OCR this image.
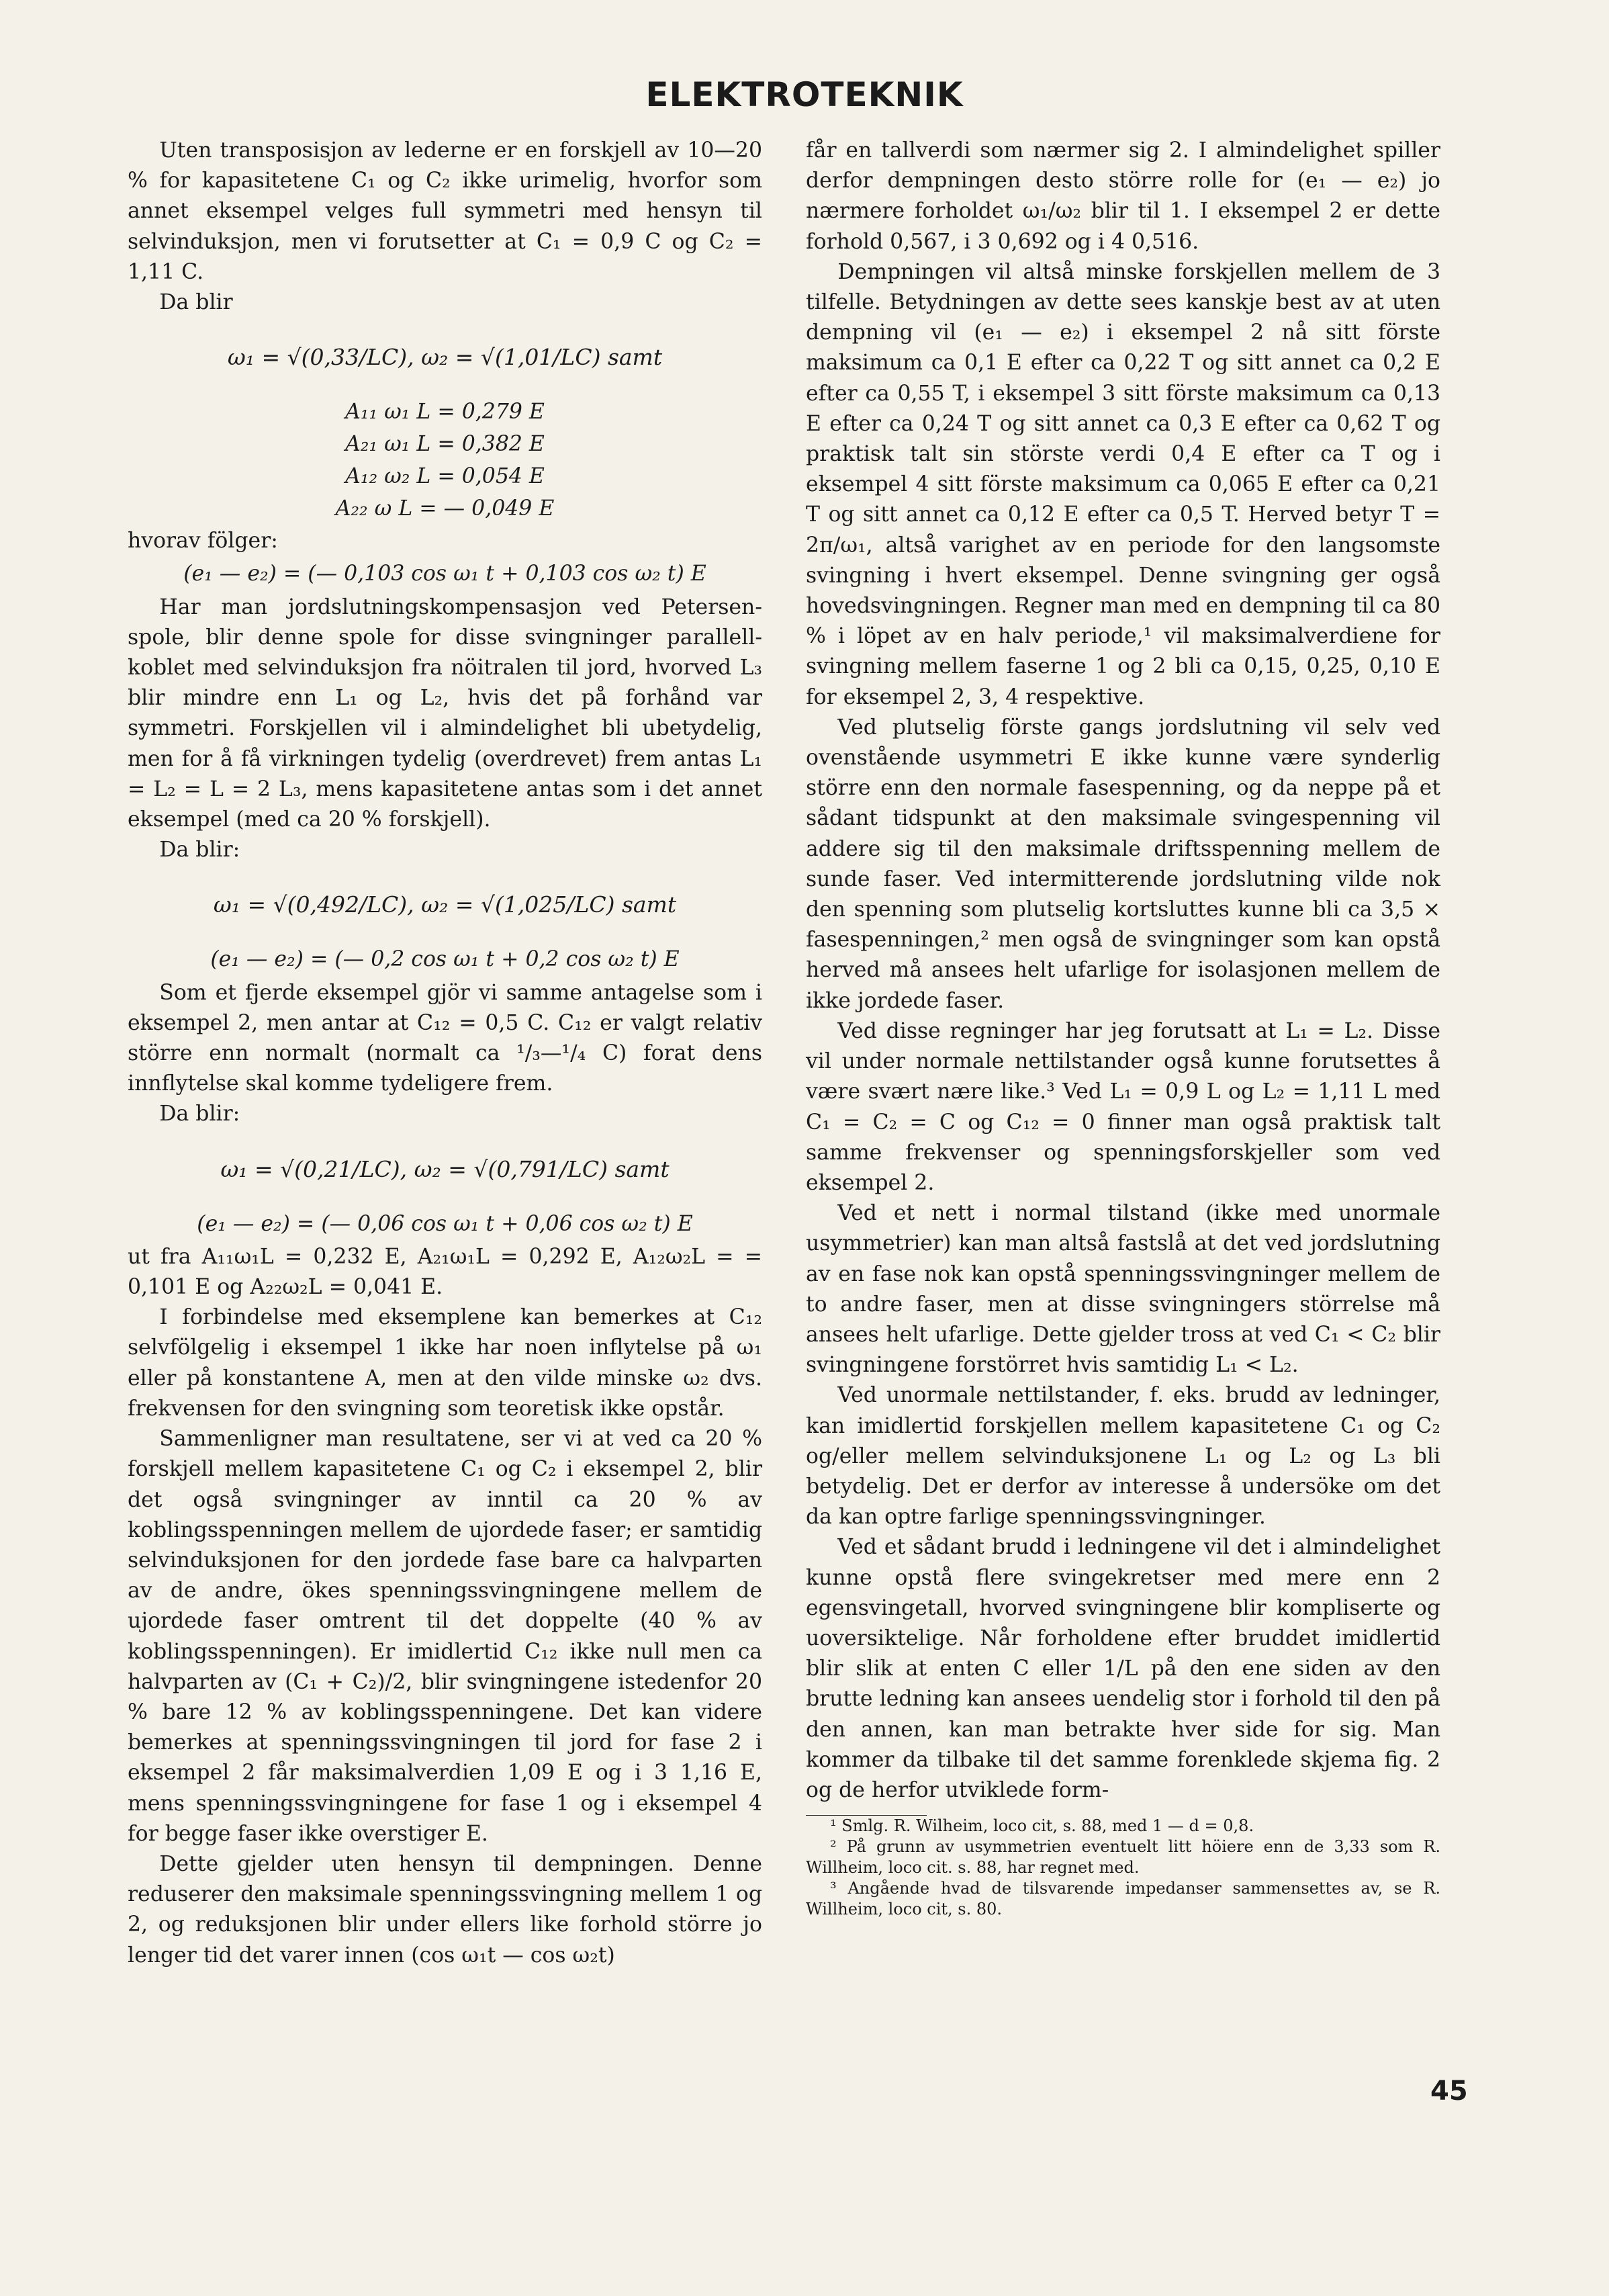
ELEKTROTEKNIK

Uten transposisjon av lederne er en forskjell av 10—20 % for kapasitetene C₁ og C₂ ikke urimelig, hvorfor som annet eksempel velges full symmetri med hensyn til selvinduksjon, men vi forutsetter at C₁ = 0,9 C og C₂ = 1,11 C.

Da blir

ω₁ = √(0,33/LC), ω₂ = √(1,01/LC) samt
A₁₁ ω₁ L = 0,279 E
A₂₁ ω₁ L = 0,382 E
A₁₂ ω₂ L = 0,054 E
A₂₂ ω L = — 0,049 E

hvorav fölger:

(e₁ — e₂) = (— 0,103 cos ω₁ t + 0,103 cos ω₂ t) E

Har man jordslutningskompensasjon ved Petersen-spole, blir denne spole for disse svingninger parallell-koblet med selvinduksjon fra nöitralen til jord, hvorved L₃ blir mindre enn L₁ og L₂, hvis det på forhånd var symmetri. Forskjellen vil i almindelighet bli ubetydelig, men for å få virkningen tydelig (overdrevet) frem antas L₁ = L₂ = L = 2 L₃, mens kapasitetene antas som i det annet eksempel (med ca 20 % forskjell).

Da blir:

ω₁ = √(0,492/LC), ω₂ = √(1,025/LC) samt
(e₁ — e₂) = (— 0,2 cos ω₁ t + 0,2 cos ω₂ t) E

Som et fjerde eksempel gjör vi samme antagelse som i eksempel 2, men antar at C₁₂ = 0,5 C. C₁₂ er valgt relativ större enn normalt (normalt ca ¹/₃—¹/₄ C) forat dens innflytelse skal komme tydeligere frem.

Da blir:

ω₁ = √(0,21/LC), ω₂ = √(0,791/LC) samt
(e₁ — e₂) = (— 0,06 cos ω₁ t + 0,06 cos ω₂ t) E

ut fra A₁₁ω₁L = 0,232 E, A₂₁ω₁L = 0,292 E, A₁₂ω₂L = = 0,101 E og A₂₂ω₂L = 0,041 E.

I forbindelse med eksemplene kan bemerkes at C₁₂ selvfölgelig i eksempel 1 ikke har noen inflytelse på ω₁ eller på konstantene A, men at den vilde minske ω₂ dvs. frekvensen for den svingning som teoretisk ikke opstår.

Sammenligner man resultatene, ser vi at ved ca 20 % forskjell mellem kapasitetene C₁ og C₂ i eksempel 2, blir det også svingninger av inntil ca 20 % av koblingsspenningen mellem de ujordede faser; er samtidig selvinduksjonen for den jordede fase bare ca halvparten av de andre, ökes spenningssvingningene mellem de ujordede faser omtrent til det doppelte (40 % av koblingsspenningen). Er imidlertid C₁₂ ikke null men ca halvparten av (C₁ + C₂)/2, blir svingningene istedenfor 20 % bare 12 % av koblingsspenningene. Det kan videre bemerkes at spenningssvingningen til jord for fase 2 i eksempel 2 får maksimalverdien 1,09 E og i 3 1,16 E, mens spenningssvingningene for fase 1 og i eksempel 4 for begge faser ikke overstiger E.

Dette gjelder uten hensyn til dempningen. Denne reduserer den maksimale spenningssvingning mellem 1 og 2, og reduksjonen blir under ellers like forhold större jo lenger tid det varer innen (cos ω₁t — cos ω₂t)

får en tallverdi som nærmer sig 2. I almindelighet spiller derfor dempningen desto större rolle for (e₁ — e₂) jo nærmere forholdet ω₁/ω₂ blir til 1. I eksempel 2 er dette forhold 0,567, i 3 0,692 og i 4 0,516.

Dempningen vil altså minske forskjellen mellem de 3 tilfelle. Betydningen av dette sees kanskje best av at uten dempning vil (e₁ — e₂) i eksempel 2 nå sitt förste maksimum ca 0,1 E efter ca 0,22 T og sitt annet ca 0,2 E efter ca 0,55 T, i eksempel 3 sitt förste maksimum ca 0,13 E efter ca 0,24 T og sitt annet ca 0,3 E efter ca 0,62 T og praktisk talt sin störste verdi 0,4 E efter ca T og i eksempel 4 sitt förste maksimum ca 0,065 E efter ca 0,21 T og sitt annet ca 0,12 E efter ca 0,5 T. Herved betyr T = 2π/ω₁, altså varighet av en periode for den langsomste svingning i hvert eksempel. Denne svingning ger også hovedsvingningen. Regner man med en dempning til ca 80 % i löpet av en halv periode,¹ vil maksimalverdiene for svingning mellem faserne 1 og 2 bli ca 0,15, 0,25, 0,10 E for eksempel 2, 3, 4 respektive.

Ved plutselig förste gangs jordslutning vil selv ved ovenstående usymmetri E ikke kunne være synderlig större enn den normale fasespenning, og da neppe på et sådant tidspunkt at den maksimale svingespenning vil addere sig til den maksimale driftsspenning mellem de sunde faser. Ved intermitterende jordslutning vilde nok den spenning som plutselig kortsluttes kunne bli ca 3,5 × fasespenningen,² men også de svingninger som kan opstå herved må ansees helt ufarlige for isolasjonen mellem de ikke jordede faser.

Ved disse regninger har jeg forutsatt at L₁ = L₂. Disse vil under normale nettilstander også kunne forutsettes å være svært nære like.³ Ved L₁ = 0,9 L og L₂ = 1,11 L med C₁ = C₂ = C og C₁₂ = 0 finner man også praktisk talt samme frekvenser og spenningsforskjeller som ved eksempel 2.

Ved et nett i normal tilstand (ikke med unormale usymmetrier) kan man altså fastslå at det ved jordslutning av en fase nok kan opstå spenningssvingninger mellem de to andre faser, men at disse svingningers störrelse må ansees helt ufarlige. Dette gjelder tross at ved C₁ < C₂ blir svingningene forstörret hvis samtidig L₁ < L₂.

Ved unormale nettilstander, f. eks. brudd av ledninger, kan imidlertid forskjellen mellem kapasitetene C₁ og C₂ og/eller mellem selvinduksjonene L₁ og L₂ og L₃ bli betydelig. Det er derfor av interesse å undersöke om det da kan optre farlige spenningssvingninger.

Ved et sådant brudd i ledningene vil det i almindelighet kunne opstå flere svingekretser med mere enn 2 egensvingetall, hvorved svingningene blir kompliserte og uoversiktelige. Når forholdene efter bruddet imidlertid blir slik at enten C eller 1/L på den ene siden av den brutte ledning kan ansees uendelig stor i forhold til den på den annen, kan man betrakte hver side for sig. Man kommer da tilbake til det samme forenklede skjema fig. 2 og de herfor utviklede form-

¹ Smlg. R. Wilheim, loco cit, s. 88, med 1 — d = 0,8.

² På grunn av usymmetrien eventuelt litt höiere enn de 3,33 som R. Willheim, loco cit. s. 88, har regnet med.

³ Angående hvad de tilsvarende impedanser sammensettes av, se R. Willheim, loco cit, s. 80.

45
